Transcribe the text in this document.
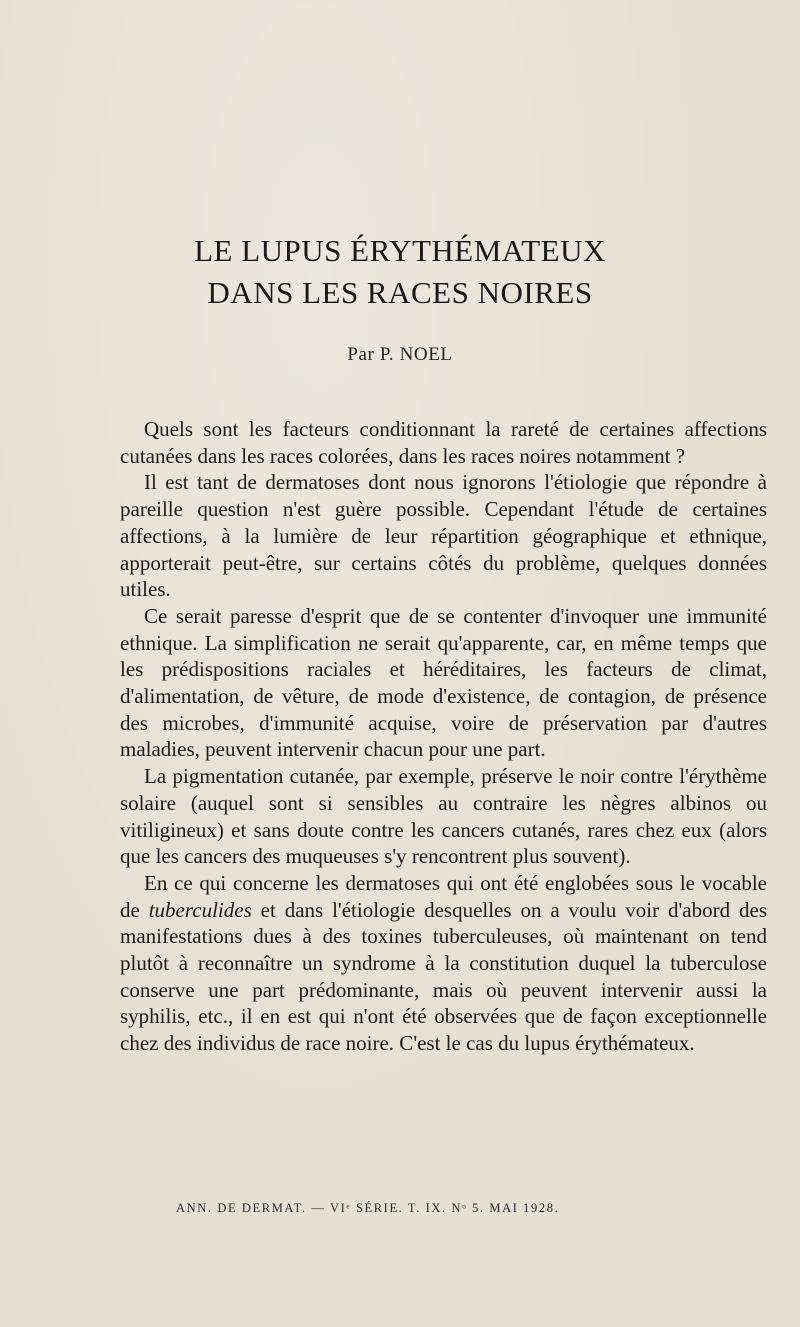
LE LUPUS ÉRYTHÉMATEUX
DANS LES RACES NOIRES
Par P. NOEL

Quels sont les facteurs conditionnant la rareté de certaines affections cutanées dans les races colorées, dans les races noires notamment ?

Il est tant de dermatoses dont nous ignorons l'étiologie que répondre à pareille question n'est guère possible. Cependant l'étude de certaines affections, à la lumière de leur répartition géographique et ethnique, apporterait peut-être, sur certains côtés du problème, quelques données utiles.

Ce serait paresse d'esprit que de se contenter d'invoquer une immunité ethnique. La simplification ne serait qu'apparente, car, en même temps que les prédispositions raciales et héréditaires, les facteurs de climat, d'alimentation, de vêture, de mode d'existence, de contagion, de présence des microbes, d'immunité acquise, voire de préservation par d'autres maladies, peuvent intervenir chacun pour une part.

La pigmentation cutanée, par exemple, préserve le noir contre l'érythème solaire (auquel sont si sensibles au contraire les nègres albinos ou vitiligineux) et sans doute contre les cancers cutanés, rares chez eux (alors que les cancers des muqueuses s'y rencontrent plus souvent).

En ce qui concerne les dermatoses qui ont été englobées sous le vocable de tuberculides et dans l'étiologie desquelles on a voulu voir d'abord des manifestations dues à des toxines tuberculeuses, où maintenant on tend plutôt à reconnaître un syndrome à la constitution duquel la tuberculose conserve une part prédominante, mais où peuvent intervenir aussi la syphilis, etc., il en est qui n'ont été observées que de façon exceptionnelle chez des individus de race noire. C'est le cas du lupus érythémateux.

ANN. DE DERMAT. — VIᵉ SÉRIE. T. IX. Nᵒ 5. MAI 1928.
